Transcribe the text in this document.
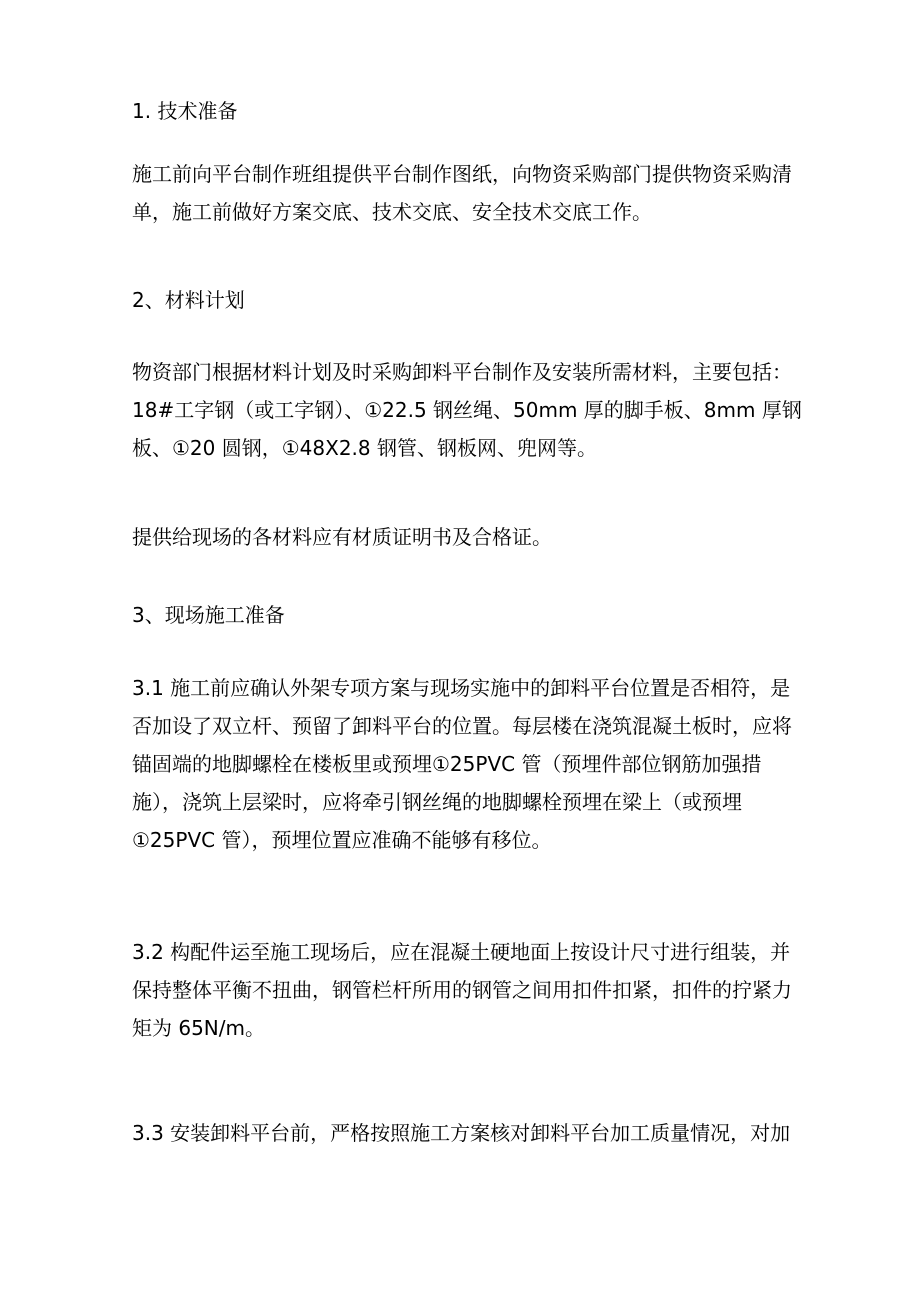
1. 技术准备
施工前向平台制作班组提供平台制作图纸，向物资采购部门提供物资采购清
单，施工前做好方案交底、技术交底、安全技术交底工作。
2、材料计划
物资部门根据材料计划及时采购卸料平台制作及安装所需材料，主要包括：
18#工字钢（或工字钢）、①22.5 钢丝绳、50mm 厚的脚手板、8mm 厚钢
板、①20 圆钢，①48X2.8 钢管、钢板网、兜网等。
提供给现场的各材料应有材质证明书及合格证。
3、现场施工准备
3.1 施工前应确认外架专项方案与现场实施中的卸料平台位置是否相符，是
否加设了双立杆、预留了卸料平台的位置。每层楼在浇筑混凝土板时，应将
锚固端的地脚螺栓在楼板里或预埋①25PVC 管（预埋件部位钢筋加强措
施），浇筑上层梁时，应将牵引钢丝绳的地脚螺栓预埋在梁上（或预埋
①25PVC 管），预埋位置应准确不能够有移位。
3.2 构配件运至施工现场后，应在混凝土硬地面上按设计尺寸进行组装，并
保持整体平衡不扭曲，钢管栏杆所用的钢管之间用扣件扣紧，扣件的拧紧力
矩为 65N/m。
3.3 安装卸料平台前，严格按照施工方案核对卸料平台加工质量情况，对加
